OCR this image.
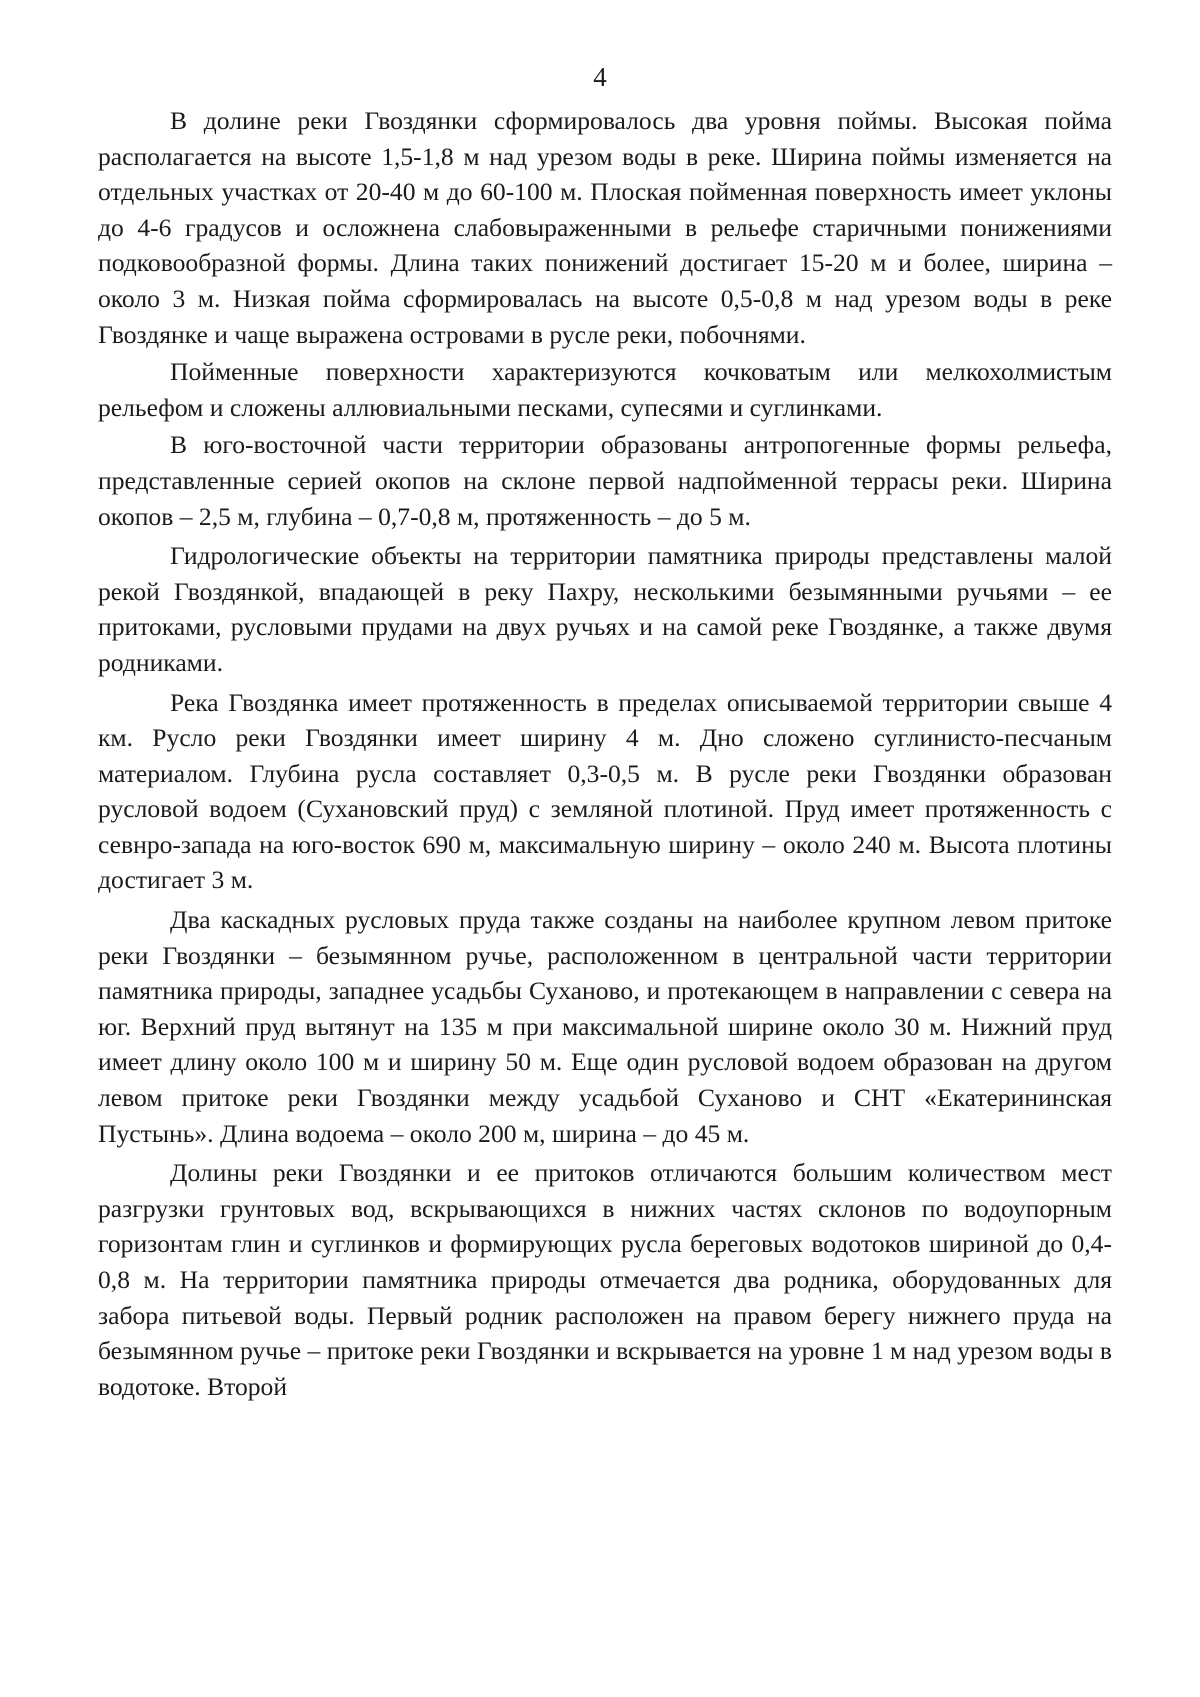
4

В долине реки Гвоздянки сформировалось два уровня поймы. Высокая пойма располагается на высоте 1,5-1,8 м над урезом воды в реке. Ширина поймы изменяется на отдельных участках от 20-40 м до 60-100 м. Плоская пойменная поверхность имеет уклоны до 4-6 градусов и осложнена слабовыраженными в рельефе старичными понижениями подковообразной формы. Длина таких понижений достигает 15-20 м и более, ширина – около 3 м. Низкая пойма сформировалась на высоте 0,5-0,8 м над урезом воды в реке Гвоздянке и чаще выражена островами в русле реки, побочнями.

Пойменные поверхности характеризуются кочковатым или мелкохолмистым рельефом и сложены аллювиальными песками, супесями и суглинками.

В юго-восточной части территории образованы антропогенные формы рельефа, представленные серией окопов на склоне первой надпойменной террасы реки. Ширина окопов – 2,5 м, глубина – 0,7-0,8 м, протяженность – до 5 м.

Гидрологические объекты на территории памятника природы представлены малой рекой Гвоздянкой, впадающей в реку Пахру, несколькими безымянными ручьями – ее притоками, русловыми прудами на двух ручьях и на самой реке Гвоздянке, а также двумя родниками.

Река Гвоздянка имеет протяженность в пределах описываемой территории свыше 4 км. Русло реки Гвоздянки имеет ширину 4 м. Дно сложено суглинисто-песчаным материалом. Глубина русла составляет 0,3-0,5 м. В русле реки Гвоздянки образован русловой водоем (Сухановский пруд) с земляной плотиной. Пруд имеет протяженность с севнро-запада на юго-восток 690 м, максимальную ширину – около 240 м. Высота плотины достигает 3 м.

Два каскадных русловых пруда также созданы на наиболее крупном левом притоке реки Гвоздянки – безымянном ручье, расположенном в центральной части территории памятника природы, западнее усадьбы Суханово, и протекающем в направлении с севера на юг. Верхний пруд вытянут на 135 м при максимальной ширине около 30 м. Нижний пруд имеет длину около 100 м и ширину 50 м. Еще один русловой водоем образован на другом левом притоке реки Гвоздянки между усадьбой Суханово и СНТ «Екатерининская Пустынь». Длина водоема – около 200 м, ширина – до 45 м.

Долины реки Гвоздянки и ее притоков отличаются большим количеством мест разгрузки грунтовых вод, вскрывающихся в нижних частях склонов по водоупорным горизонтам глин и суглинков и формирующих русла береговых водотоков шириной до 0,4-0,8 м. На территории памятника природы отмечается два родника, оборудованных для забора питьевой воды. Первый родник расположен на правом берегу нижнего пруда на безымянном ручье – притоке реки Гвоздянки и вскрывается на уровне 1 м над урезом воды в водотоке. Второй
